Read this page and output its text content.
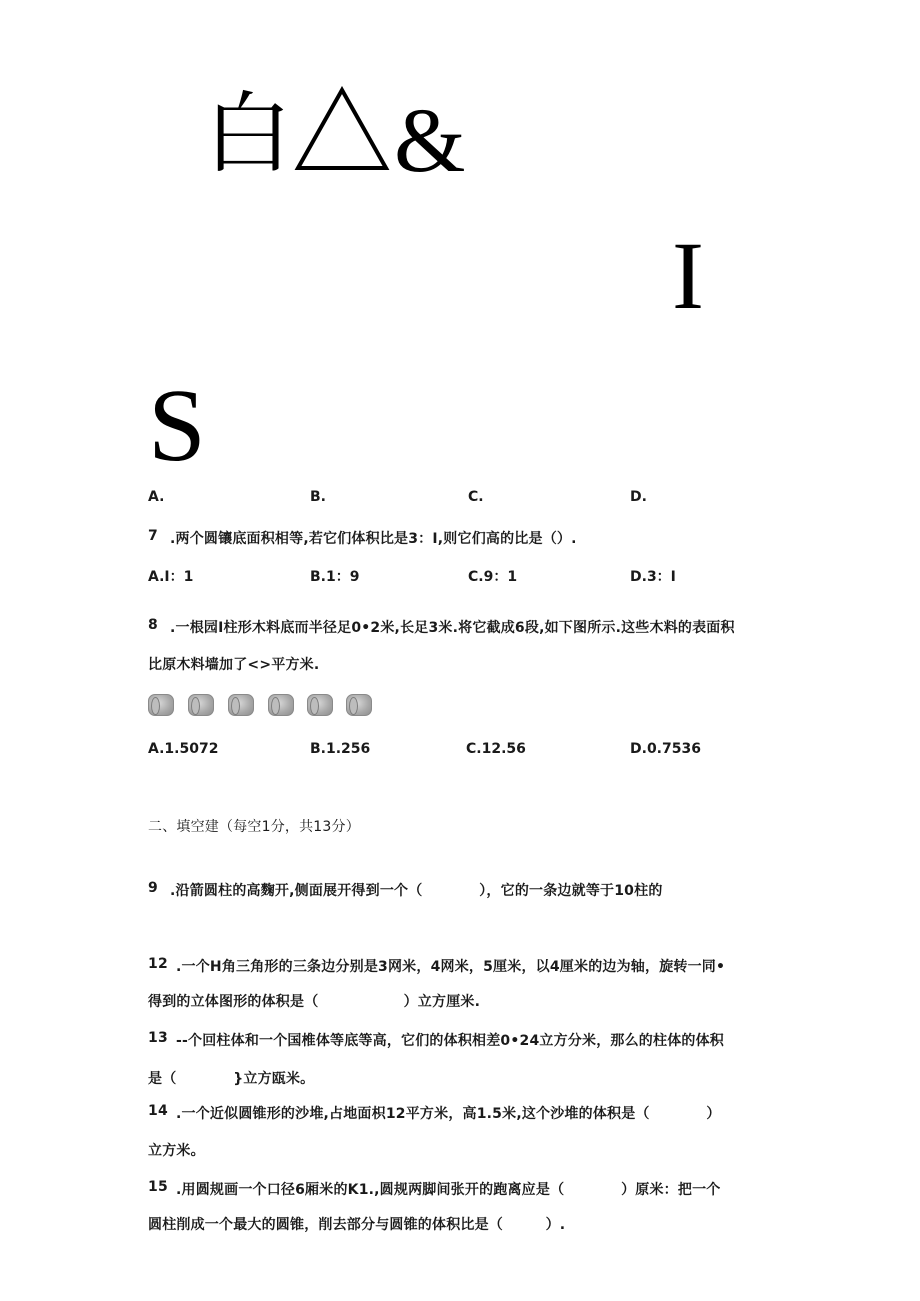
白 &
I
S
A.	B.	C.	D.
7 .两个圆镶底面积相等,若它们体积比是3：I,则它们高的比是（）.
A.I：1	B.1：9	C.9：1	D.3：I
8 .一根园I柱形木料底而半径足0•2米,长足3米.将它截成6段,如下图所示.这些木料的表面积
比原木料墙加了<>平方米.
A.1.5072	B.1.256	C.12.56	D.0.7536
二、填空建（每空1分，共13分）
9 .沿箭圆柱的高麴开,侧面展开得到一个（　　　　），它的一条边就等于10柱的
12 .一个H角三角形的三条边分别是3网米，4网米，5厘米，以4厘米的边为轴，旋转一同•
得到的立体图形的体积是（　　　　　　）立方厘米.
13 --个回柱体和一个国椎体等底等高，它们的体积相差0•24立方分米，那么的柱体的体积
是（　　　　}立方瓯米。
14 .一个近似圆锥形的沙堆,占地面枳12平方米，高1.5米,这个沙堆的体积是（　　　　）
立方米。
15 .用圆规画一个口径6厢米的K1.,圆规两脚间张开的跑离应是（　　　　）原米：把一个
圆柱削成一个最大的圆锥，削去部分与圆锥的体积比是（　　　）.
